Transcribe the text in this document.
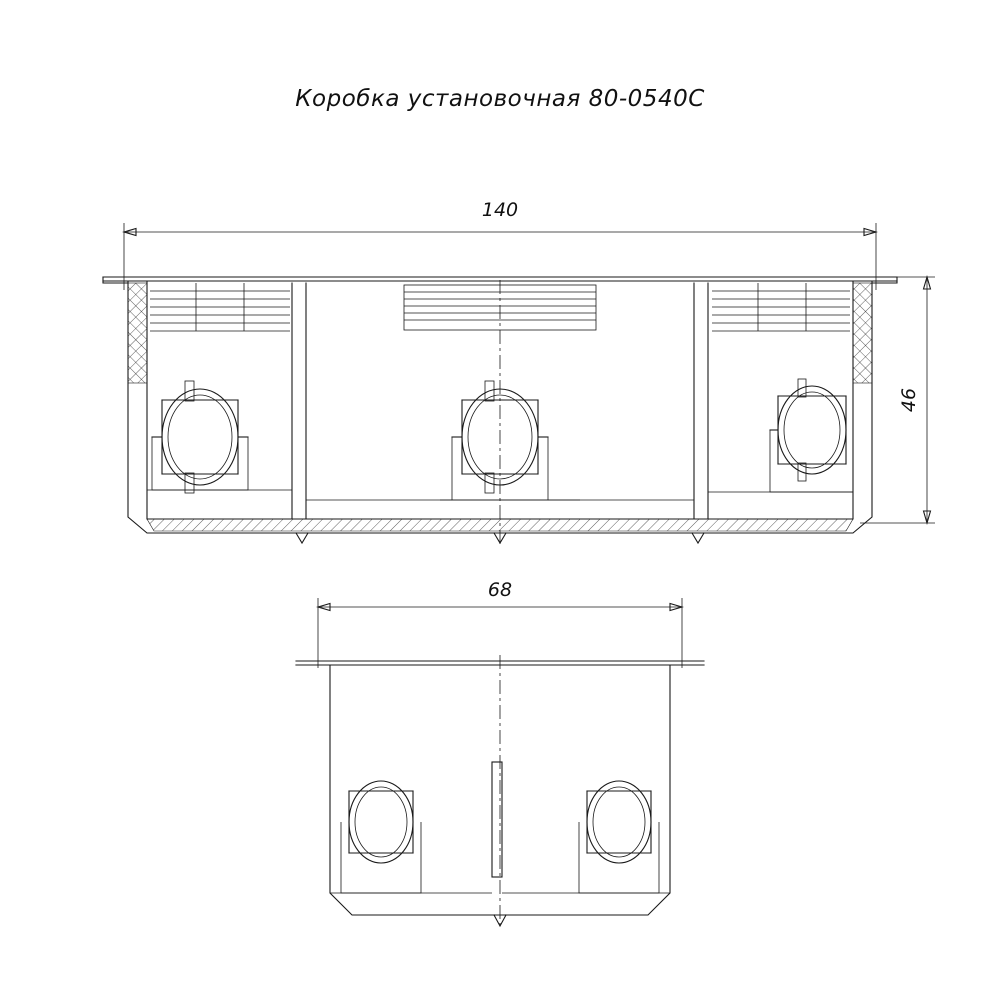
Коробка установочная 80-0540С
140
46
68
